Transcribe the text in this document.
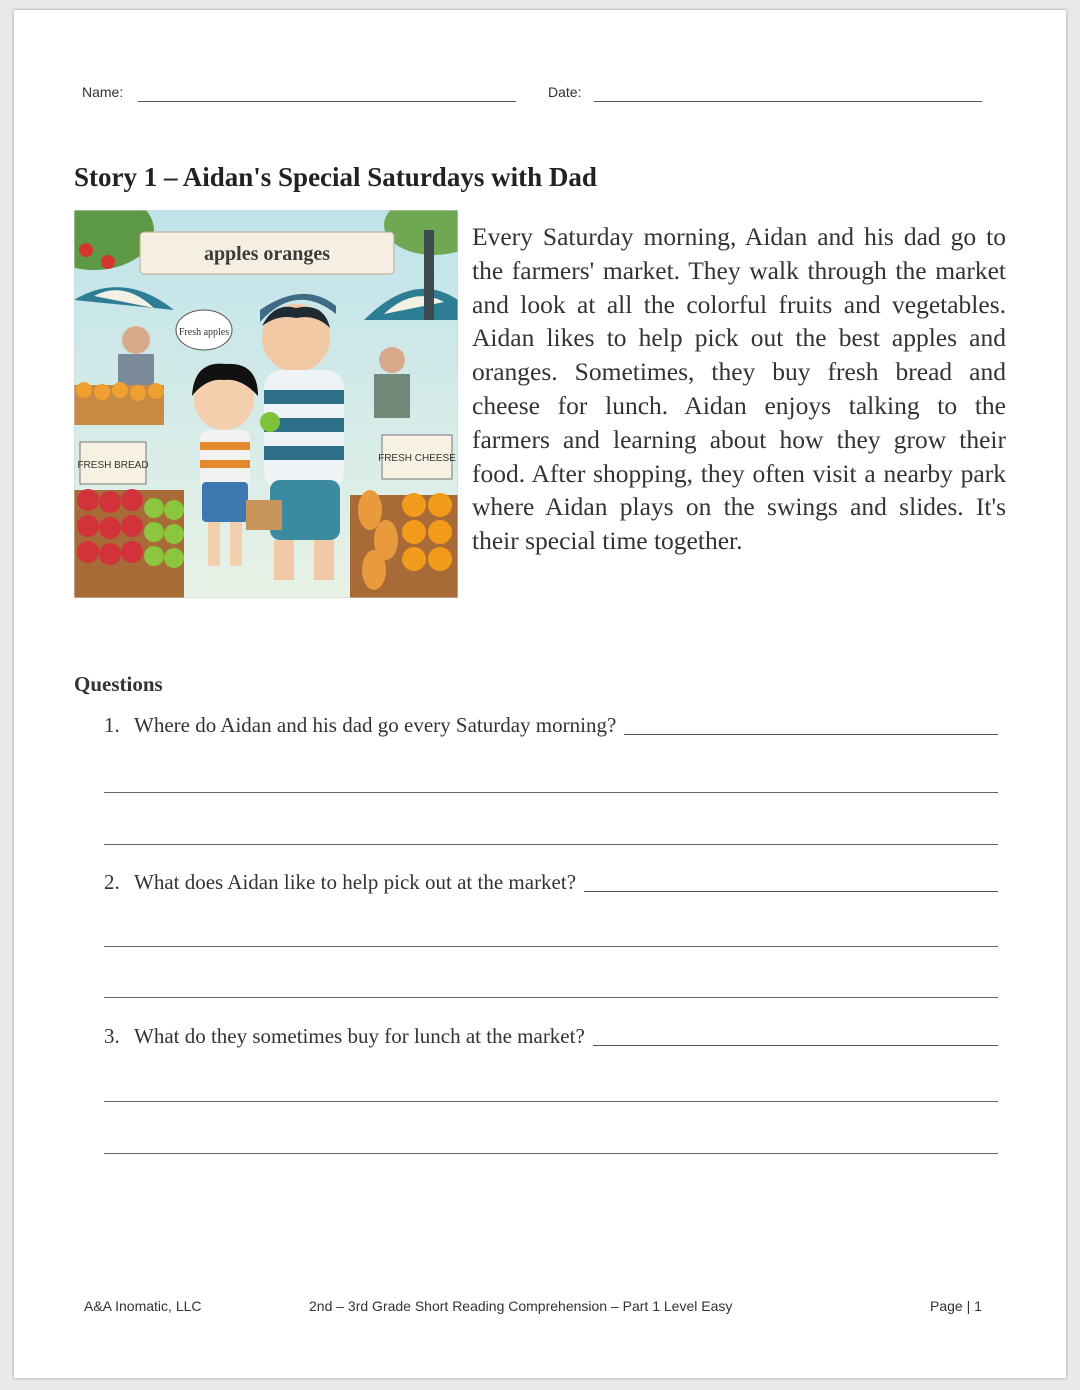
Name:	Date:
Story 1 – Aidan's Special Saturdays with Dad
apples oranges
Fresh apples
FRESH BREAD
FRESH CHEESE

Every Saturday morning, Aidan and his dad go to the farmers' market. They walk through the market and look at all the colorful fruits and vegetables. Aidan likes to help pick out the best apples and oranges. Sometimes, they buy fresh bread and cheese for lunch. Aidan enjoys talking to the farmers and learning about how they grow their food. After shopping, they often visit a nearby park where Aidan plays on the swings and slides. It's their special time together.

Questions
1. Where do Aidan and his dad go every Saturday morning?
2. What does Aidan like to help pick out at the market?
3. What do they sometimes buy for lunch at the market?
A&A Inomatic, LLC	2nd – 3rd Grade Short Reading Comprehension – Part 1 Level Easy	Page | 1
